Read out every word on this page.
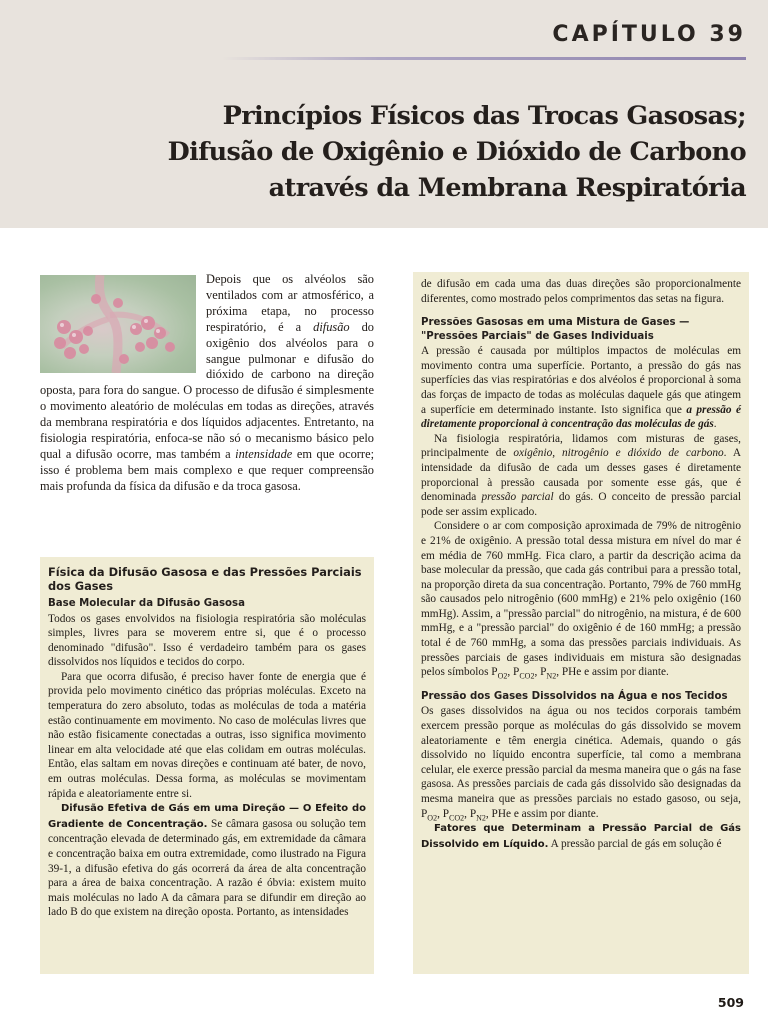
CAPÍTULO 39
Princípios Físicos das Trocas Gasosas;
Difusão de Oxigênio e Dióxido de Carbono
através da Membrana Respiratória

Depois que os alvéolos são ventilados com ar atmosférico, a próxima etapa, no processo respiratório, é a difusão do oxigênio dos alvéolos para o sangue pulmonar e difusão do dióxido de carbono na direção oposta, para fora do sangue. O processo de difusão é simplesmente o movimento aleatório de moléculas em todas as direções, através da membrana respiratória e dos líquidos adjacentes. Entretanto, na fisiologia respiratória, enfoca-se não só o mecanismo básico pelo qual a difusão ocorre, mas também a intensidade em que ocorre; isso é problema bem mais complexo e que requer compreensão mais profunda da física da difusão e da troca gasosa.

Física da Difusão Gasosa e das Pressões Parciais dos Gases
Base Molecular da Difusão Gasosa

Todos os gases envolvidos na fisiologia respiratória são moléculas simples, livres para se moverem entre si, que é o processo denominado "difusão". Isso é verdadeiro também para os gases dissolvidos nos líquidos e tecidos do corpo.

Para que ocorra difusão, é preciso haver fonte de energia que é provida pelo movimento cinético das próprias moléculas. Exceto na temperatura do zero absoluto, todas as moléculas de toda a matéria estão continuamente em movimento. No caso de moléculas livres que não estão fisicamente conectadas a outras, isso significa movimento linear em alta velocidade até que elas colidam em outras moléculas. Então, elas saltam em novas direções e continuam até bater, de novo, em outras moléculas. Dessa forma, as moléculas se movimentam rápida e aleatoriamente entre si.

Difusão Efetiva de Gás em uma Direção — O Efeito do Gradiente de Concentração. Se câmara gasosa ou solução tem concentração elevada de determinado gás, em extremidade da câmara e concentração baixa em outra extremidade, como ilustrado na Figura 39-1, a difusão efetiva do gás ocorrerá da área de alta concentração para a área de baixa concentração. A razão é óbvia: existem muito mais moléculas no lado A da câmara para se difundir em direção ao lado B do que existem na direção oposta. Portanto, as intensidades

de difusão em cada uma das duas direções são proporcionalmente diferentes, como mostrado pelos comprimentos das setas na figura.

Pressões Gasosas em uma Mistura de Gases — "Pressões Parciais" de Gases Individuais

A pressão é causada por múltiplos impactos de moléculas em movimento contra uma superfície. Portanto, a pressão do gás nas superfícies das vias respiratórias e dos alvéolos é proporcional à soma das forças de impacto de todas as moléculas daquele gás que atingem a superfície em determinado instante. Isto significa que a pressão é diretamente proporcional à concentração das moléculas de gás.

Na fisiologia respiratória, lidamos com misturas de gases, principalmente de oxigênio, nitrogênio e dióxido de carbono. A intensidade da difusão de cada um desses gases é diretamente proporcional à pressão causada por somente esse gás, que é denominada pressão parcial do gás. O conceito de pressão parcial pode ser assim explicado.

Considere o ar com composição aproximada de 79% de nitrogênio e 21% de oxigênio. A pressão total dessa mistura em nível do mar é em média de 760 mmHg. Fica claro, a partir da descrição acima da base molecular da pressão, que cada gás contribui para a pressão total, na proporção direta da sua concentração. Portanto, 79% de 760 mmHg são causados pelo nitrogênio (600 mmHg) e 21% pelo oxigênio (160 mmHg). Assim, a "pressão parcial" do nitrogênio, na mistura, é de 600 mmHg, e a "pressão parcial" do oxigênio é de 160 mmHg; a pressão total é de 760 mmHg, a soma das pressões parciais individuais. As pressões parciais de gases individuais em mistura são designadas pelos símbolos $P_{O2}$, $P_{CO2}$, $P_{N2}$, PHe e assim por diante.

Pressão dos Gases Dissolvidos na Água e nos Tecidos

Os gases dissolvidos na água ou nos tecidos corporais também exercem pressão porque as moléculas do gás dissolvido se movem aleatoriamente e têm energia cinética. Ademais, quando o gás dissolvido no líquido encontra superfície, tal como a membrana celular, ele exerce pressão parcial da mesma maneira que o gás na fase gasosa. As pressões parciais de cada gás dissolvido são designadas da mesma maneira que as pressões parciais no estado gasoso, ou seja, $P_{O2}$, $P_{CO2}$, $P_{N2}$, PHe e assim por diante.

Fatores que Determinam a Pressão Parcial de Gás Dissolvido em Líquido. A pressão parcial de gás em solução é

509
